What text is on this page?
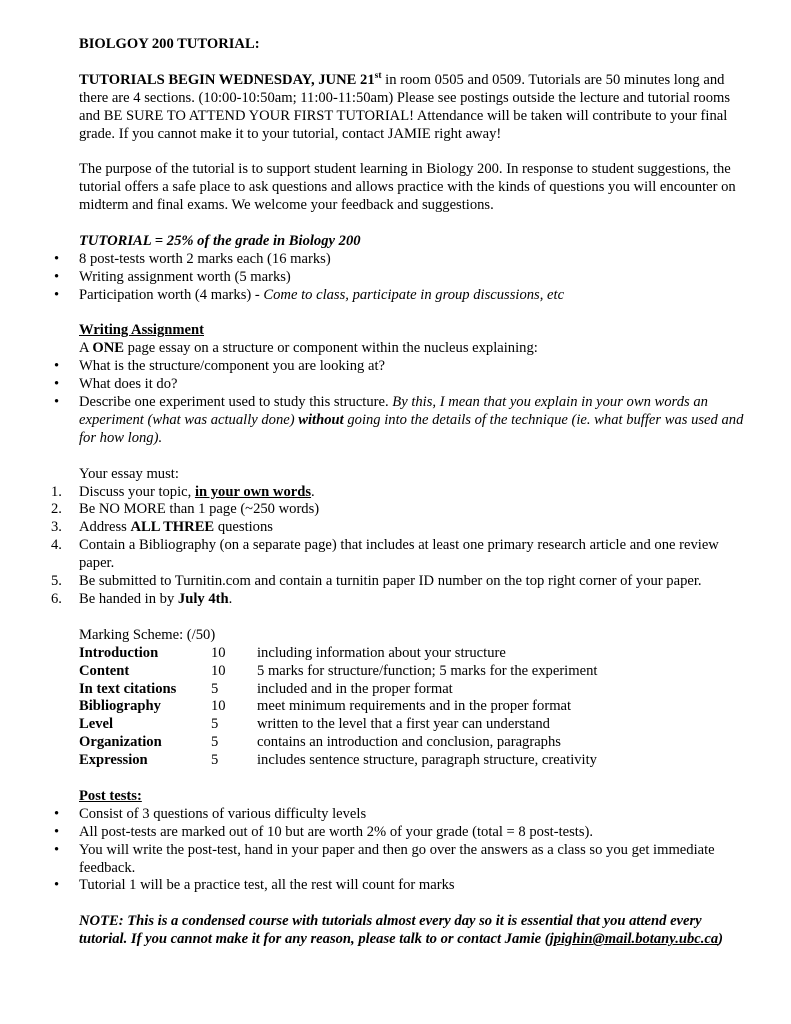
BIOLGOY 200 TUTORIAL:

TUTORIALS BEGIN WEDNESDAY, JUNE 21st in room 0505 and 0509. Tutorials are 50 minutes long and there are 4 sections. (10:00-10:50am; 11:00-11:50am) Please see postings outside the lecture and tutorial rooms and BE SURE TO ATTEND YOUR FIRST TUTORIAL! Attendance will be taken will contribute to your final grade. If you cannot make it to your tutorial, contact JAMIE right away!

The purpose of the tutorial is to support student learning in Biology 200. In response to student suggestions, the tutorial offers a safe place to ask questions and allows practice with the kinds of questions you will encounter on midterm and final exams. We welcome your feedback and suggestions.

TUTORIAL = 25% of the grade in Biology 200

•	8 post-tests worth 2 marks each (16 marks)
•	Writing assignment worth (5 marks)
•	Participation worth (4 marks) - Come to class, participate in group discussions, etc

Writing Assignment

A ONE page essay on a structure or component within the nucleus explaining:

•	What is the structure/component you are looking at?
•	What does it do?
•	Describe one experiment used to study this structure. By this, I mean that you explain in your own words an experiment (what was actually done) without going into the details of the technique (ie. what buffer was used and for how long).

Your essay must:

1.	Discuss your topic, in your own words.
2.	Be NO MORE than 1 page (~250 words)
3.	Address ALL THREE questions
4.	Contain a Bibliography (on a separate page) that includes at least one primary research article and one review paper.
5.	Be submitted to Turnitin.com and contain a turnitin paper ID number on the top right corner of your paper.
6.	Be handed in by July 4th.

Marking Scheme: (/50)

Introduction	10	including information about your structure
Content	10	5 marks for structure/function; 5 marks for the experiment
In text citations	5	included and in the proper format
Bibliography	10	meet minimum requirements and in the proper format
Level	5	written to the level that a first year can understand
Organization	5	contains an introduction and conclusion, paragraphs
Expression	5	includes sentence structure, paragraph structure, creativity

Post tests:

•	Consist of 3 questions of various difficulty levels
•	All post-tests are marked out of 10 but are worth 2% of your grade (total = 8 post-tests).
•	You will write the post-test, hand in your paper and then go over the answers as a class so you get immediate feedback.
•	Tutorial 1 will be a practice test, all the rest will count for marks

NOTE: This is a condensed course with tutorials almost every day so it is essential that you attend every tutorial. If you cannot make it for any reason, please talk to or contact Jamie (jpighin@mail.botany.ubc.ca)
